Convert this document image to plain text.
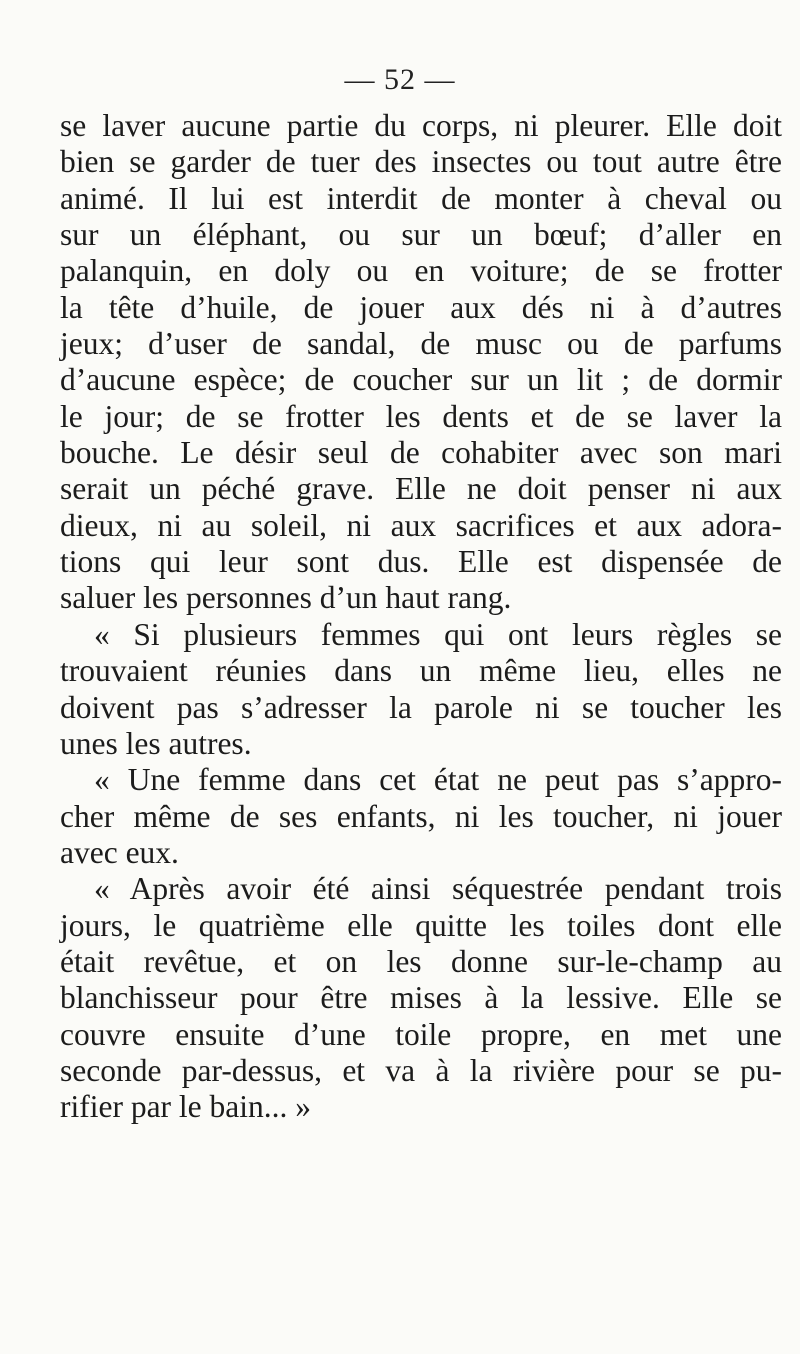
— 52 —
se laver aucune partie du corps, ni pleurer. Elle doit
bien se garder de tuer des insectes ou tout autre être
animé. Il lui est interdit de monter à cheval ou
sur un éléphant, ou sur un bœuf; d’aller en
palanquin, en doly ou en voiture; de se frotter
la tête d’huile, de jouer aux dés ni à d’autres
jeux; d’user de sandal, de musc ou de parfums
d’aucune espèce; de coucher sur un lit ; de dormir
le jour; de se frotter les dents et de se laver la
bouche. Le désir seul de cohabiter avec son mari
serait un péché grave. Elle ne doit penser ni aux
dieux, ni au soleil, ni aux sacrifices et aux adora-
tions qui leur sont dus. Elle est dispensée de
saluer les personnes d’un haut rang.
« Si plusieurs femmes qui ont leurs règles se
trouvaient réunies dans un même lieu, elles ne
doivent pas s’adresser la parole ni se toucher les
unes les autres.
« Une femme dans cet état ne peut pas s’appro-
cher même de ses enfants, ni les toucher, ni jouer
avec eux.
« Après avoir été ainsi séquestrée pendant trois
jours, le quatrième elle quitte les toiles dont elle
était revêtue, et on les donne sur-le-champ au
blanchisseur pour être mises à la lessive. Elle se
couvre ensuite d’une toile propre, en met une
seconde par-dessus, et va à la rivière pour se pu-
rifier par le bain... »
